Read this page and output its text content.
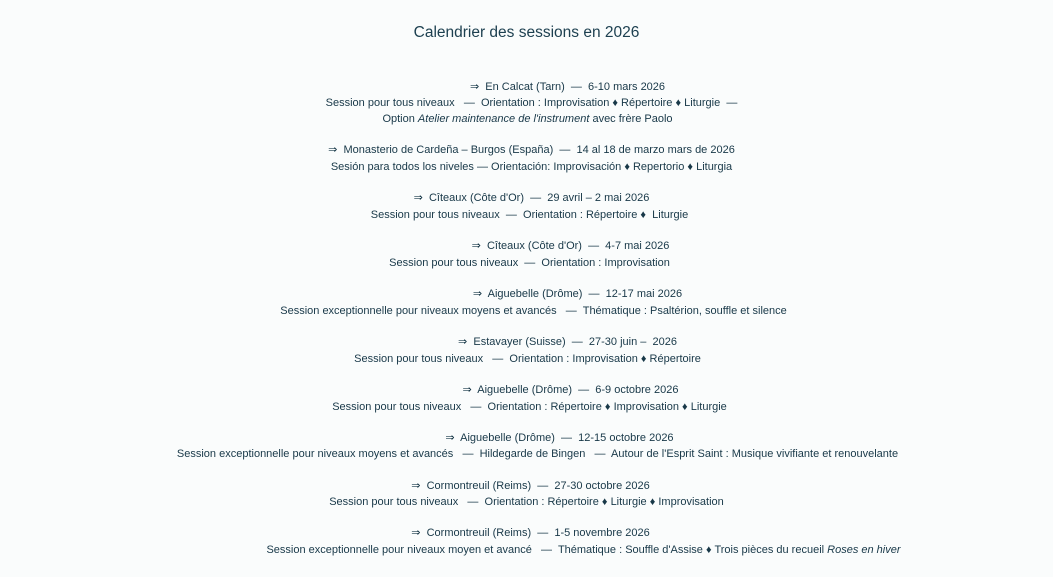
Calendrier des sessions en 2026
⇒ En Calcat (Tarn)  —  6-10 mars 2026
Session pour tous niveaux   —  Orientation : Improvisation ♦ Répertoire ♦ Liturgie  —
Option Atelier maintenance de l'instrument avec frère Paolo
⇒ Monasterio de Cardeña – Burgos (España)  —  14 al 18 de marzo mars de 2026
Sesión para todos los niveles — Orientación: Improvisación ♦ Repertorio ♦ Liturgia
⇒ Cîteaux (Côte d'Or)  —  29 avril – 2 mai 2026
Session pour tous niveaux  —  Orientation : Répertoire ♦  Liturgie
⇒ Cîteaux (Côte d'Or)  —  4-7 mai 2026
Session pour tous niveaux  —  Orientation : Improvisation
⇒ Aiguebelle (Drôme)  —  12-17 mai 2026
Session exceptionnelle pour niveaux moyens et avancés   —  Thématique : Psaltérion, souffle et silence
⇒ Estavayer (Suisse)  —  27-30 juin –  2026
Session pour tous niveaux   —  Orientation : Improvisation ♦ Répertoire
⇒ Aiguebelle (Drôme)  —  6-9 octobre 2026
Session pour tous niveaux   —  Orientation : Répertoire ♦ Improvisation ♦ Liturgie
⇒ Aiguebelle (Drôme)  —  12-15 octobre 2026
Session exceptionnelle pour niveaux moyens et avancés   —  Hildegarde de Bingen   —  Autour de l'Esprit Saint : Musique vivifiante et renouvelante
⇒ Cormontreuil (Reims)  —  27-30 octobre 2026
Session pour tous niveaux   —  Orientation : Répertoire ♦ Liturgie ♦ Improvisation
⇒ Cormontreuil (Reims)  —  1-5 novembre 2026
Session exceptionnelle pour niveaux moyen et avancé   —  Thématique : Souffle d'Assise ♦ Trois pièces du recueil Roses en hiver
